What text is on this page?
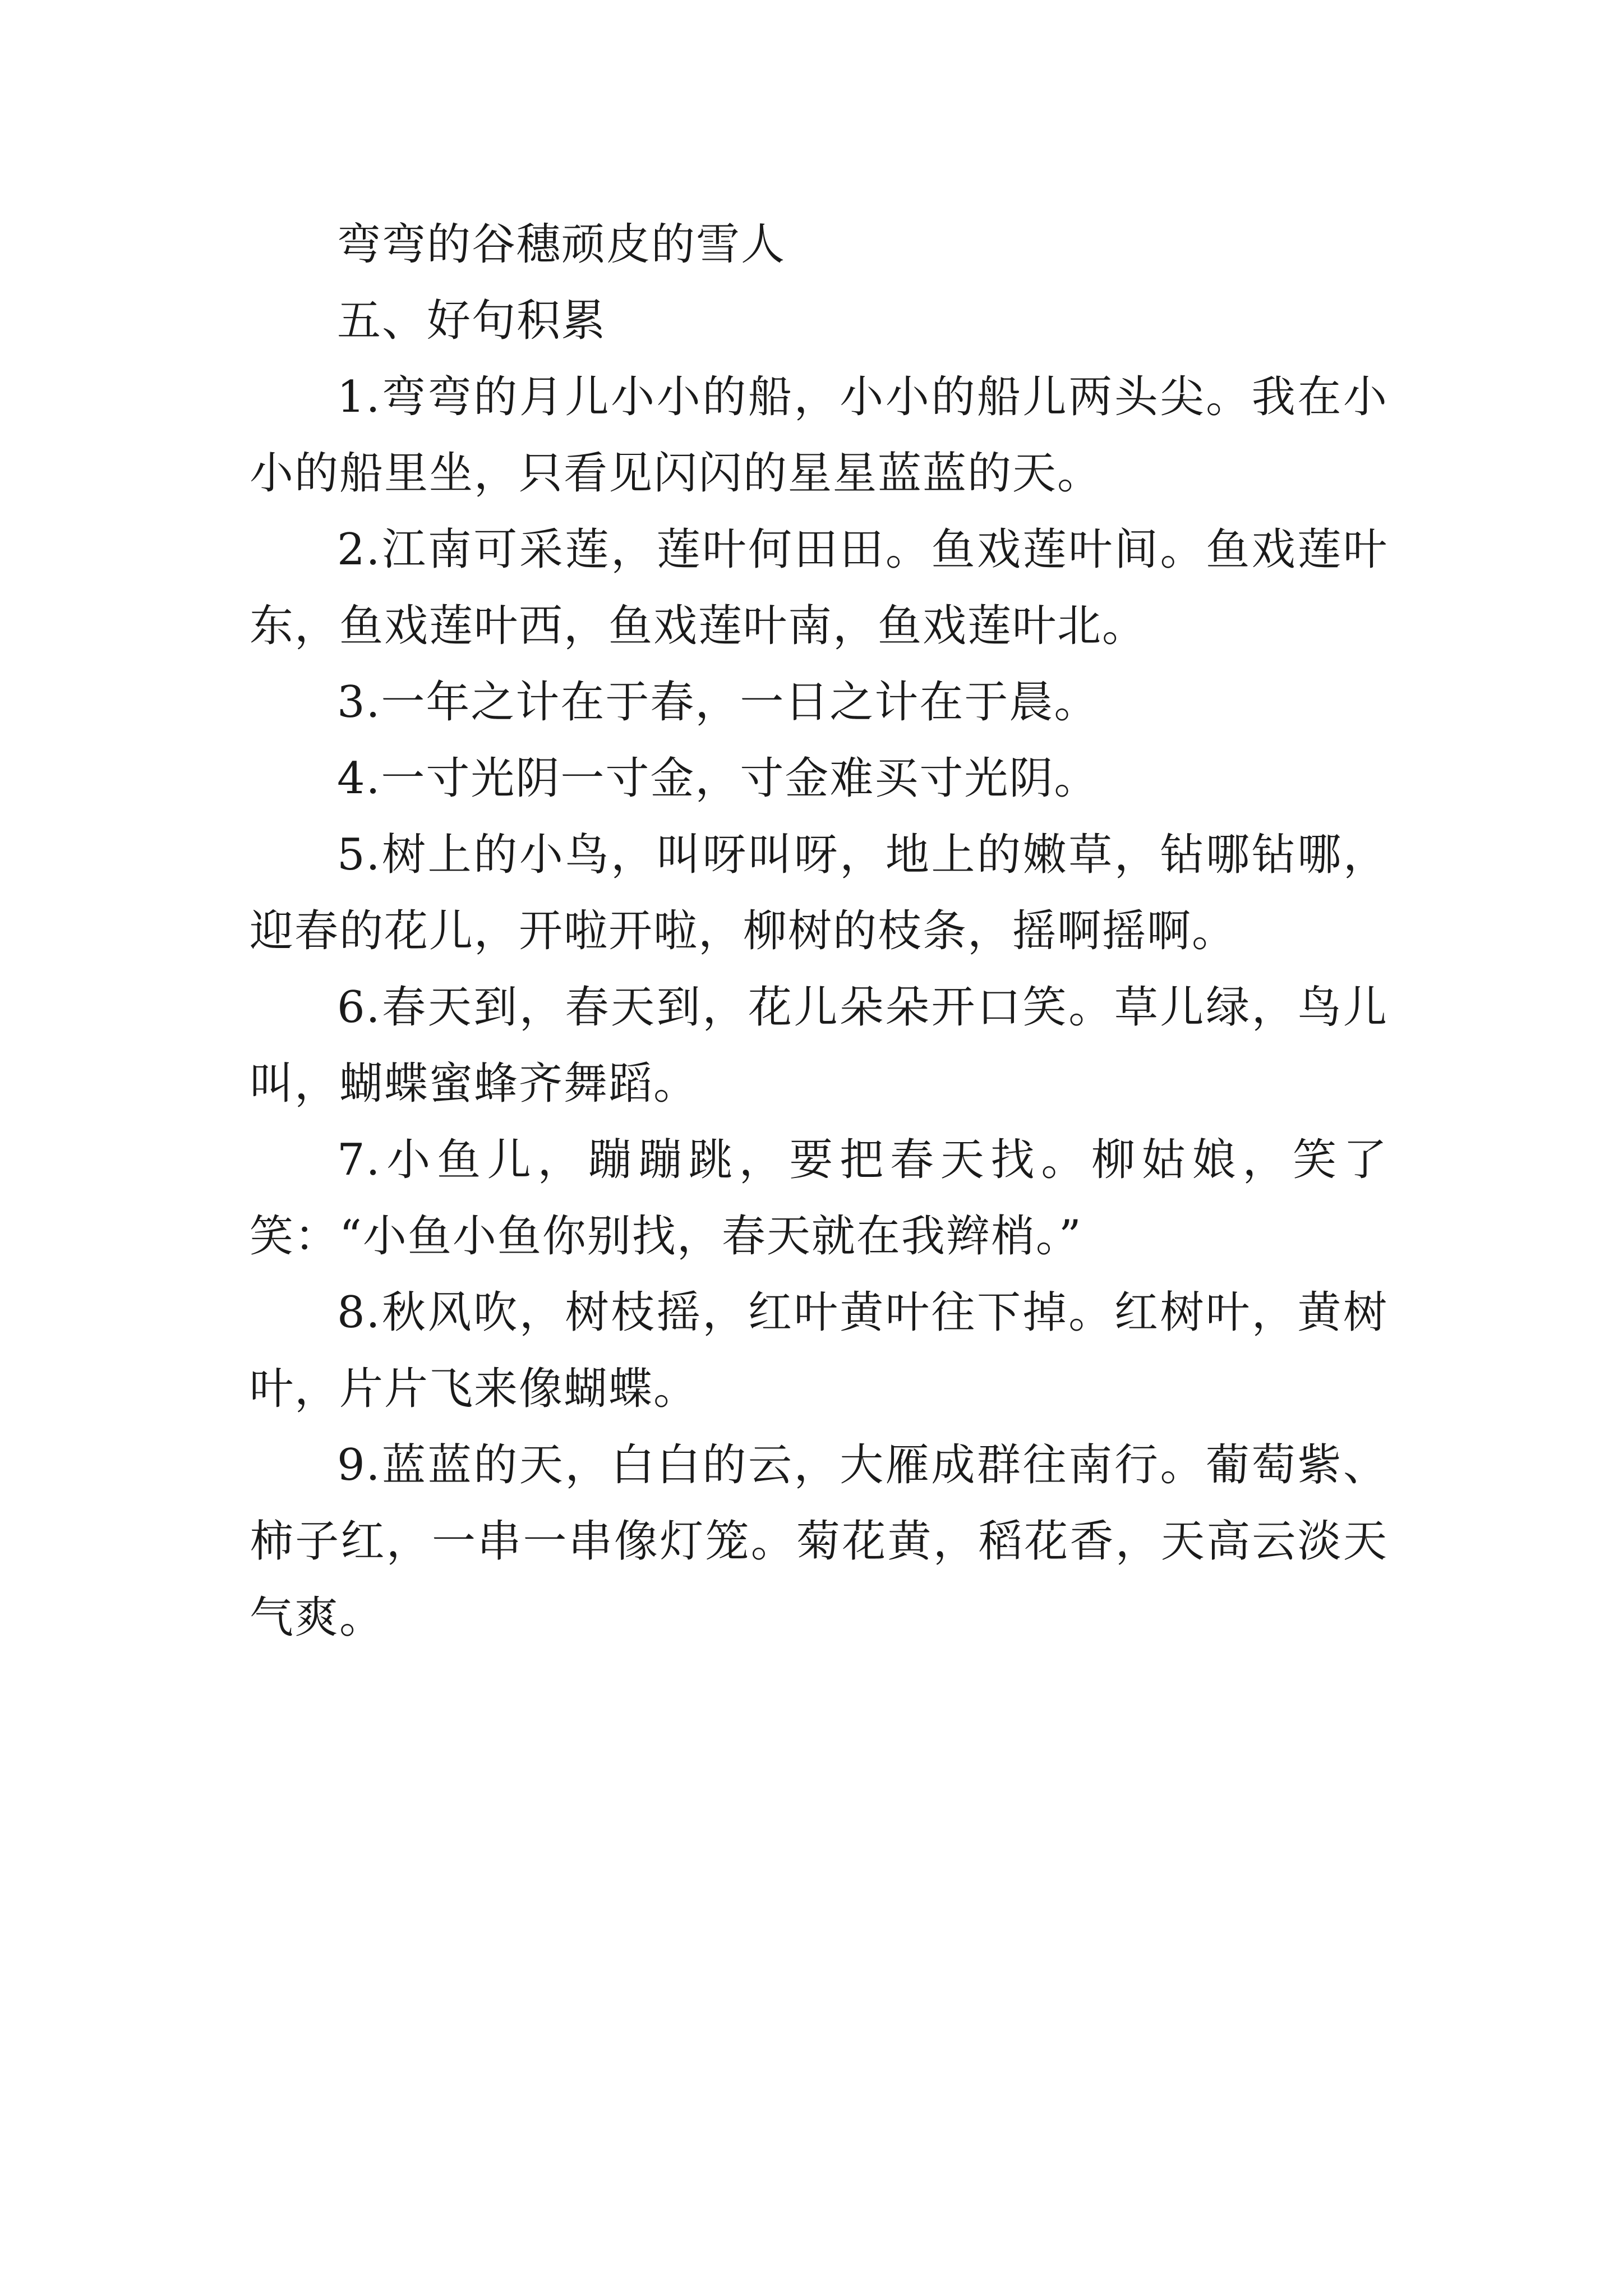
弯弯的谷穗顽皮的雪人

五、好句积累

1.弯弯的月儿小小的船，小小的船儿两头尖。我在小小的船里坐，只看见闪闪的星星蓝蓝的天。

2.江南可采莲，莲叶何田田。鱼戏莲叶间。鱼戏莲叶东，鱼戏莲叶西，鱼戏莲叶南，鱼戏莲叶北。

3.一年之计在于春，一日之计在于晨。

4.一寸光阴一寸金，寸金难买寸光阴。

5.树上的小鸟，叫呀叫呀，地上的嫩草，钻哪钻哪，迎春的花儿，开啦开啦，柳树的枝条，摇啊摇啊。

6.春天到，春天到，花儿朵朵开口笑。草儿绿，鸟儿叫，蝴蝶蜜蜂齐舞蹈。

7.小鱼儿，蹦蹦跳，要把春天找。柳姑娘，笑了笑：“小鱼小鱼你别找，春天就在我辫梢。”

8.秋风吹，树枝摇，红叶黄叶往下掉。红树叶，黄树叶，片片飞来像蝴蝶。

9.蓝蓝的天，白白的云，大雁成群往南行。葡萄紫、柿子红，一串一串像灯笼。菊花黄，稻花香，天高云淡天气爽。
